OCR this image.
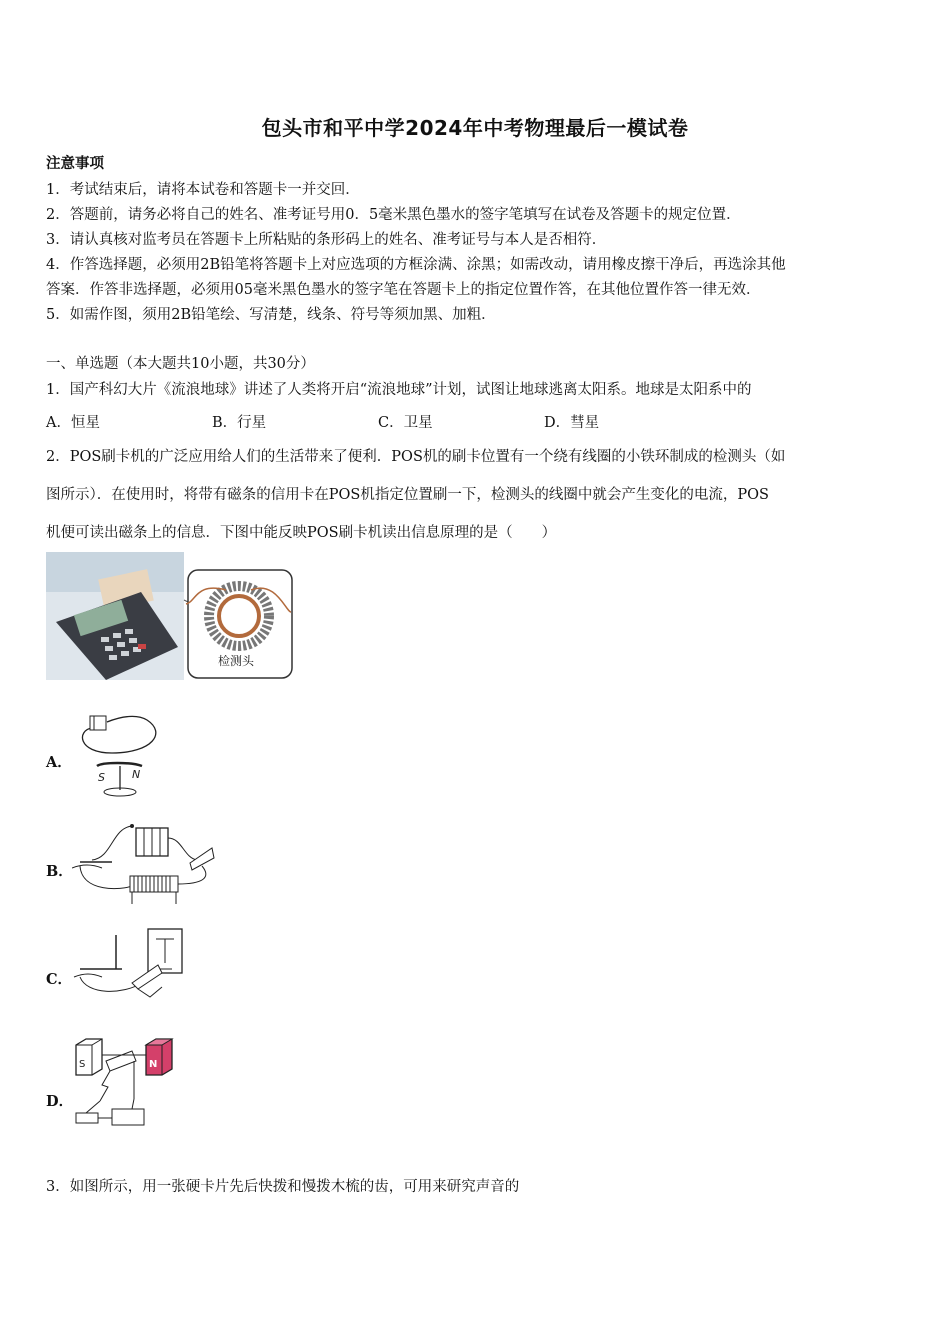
包头市和平中学2024年中考物理最后一模试卷
注意事项
1．考试结束后，请将本试卷和答题卡一并交回．
2．答题前，请务必将自己的姓名、准考证号用0．5毫米黑色墨水的签字笔填写在试卷及答题卡的规定位置．
3．请认真核对监考员在答题卡上所粘贴的条形码上的姓名、准考证号与本人是否相符．
4．作答选择题，必须用2B铅笔将答题卡上对应选项的方框涂满、涂黑；如需改动，请用橡皮擦干净后，再选涂其他
答案．作答非选择题，必须用05毫米黑色墨水的签字笔在答题卡上的指定位置作答，在其他位置作答一律无效．
5．如需作图，须用2B铅笔绘、写清楚，线条、符号等须加黑、加粗．
一、单选题（本大题共10小题，共30分）
1．国产科幻大片《流浪地球》讲述了人类将开启“流浪地球”计划，试图让地球逃离太阳系。地球是太阳系中的
A．恒星	B．行星	C．卫星	D．彗星
2．POS刷卡机的广泛应用给人们的生活带来了便利．POS机的刷卡位置有一个绕有线圈的小铁环制成的检测头（如
图所示）．在使用时，将带有磁条的信用卡在POS机指定位置刷一下，检测头的线圈中就会产生变化的电流，POS
机便可读出磁条上的信息．下图中能反映POS刷卡机读出信息原理的是（　　）
检测头
A．
S N
B．
C．
D．
S	N
3．如图所示，用一张硬卡片先后快拨和慢拨木梳的齿，可用来研究声音的
